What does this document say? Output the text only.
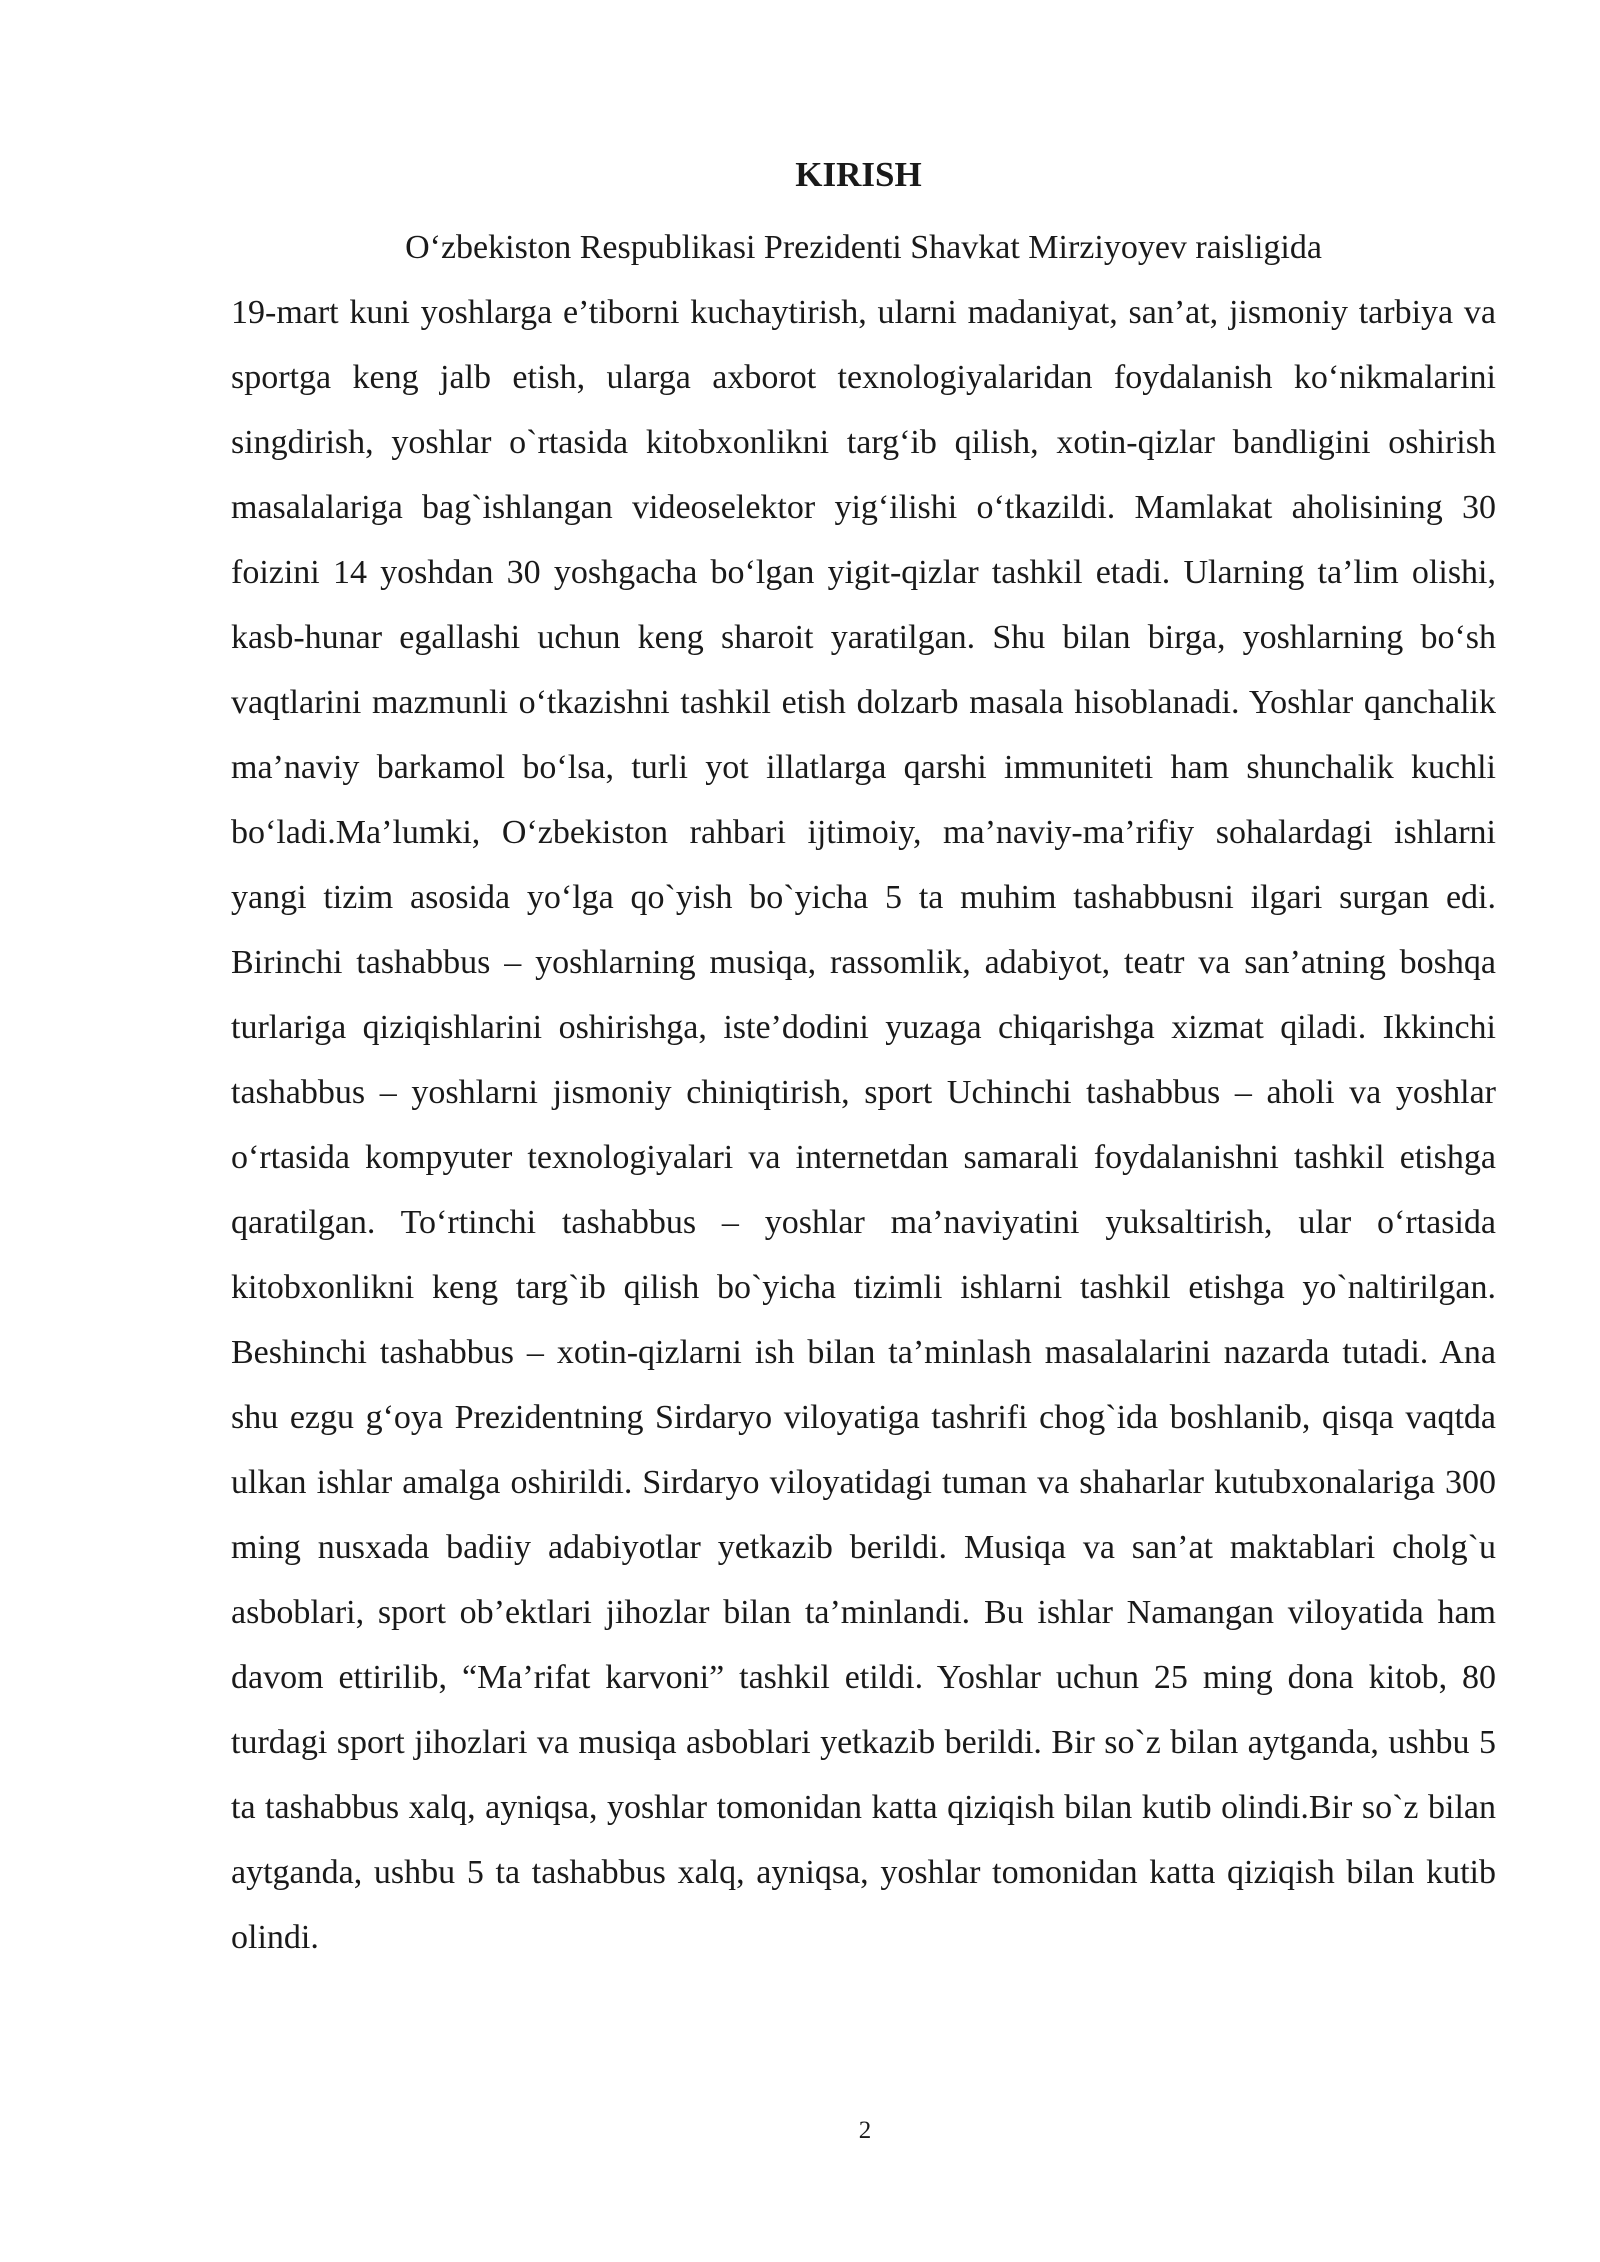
KIRISH
O‘zbekiston Respublikasi Prezidenti Shavkat Mirziyoyev raisligida
19-mart kuni yoshlarga e’tiborni kuchaytirish, ularni madaniyat, san’at, jismoniy tarbiya va sportga keng jalb etish, ularga axborot texnologiyalaridan foydalanish ko‘nikmalarini singdirish, yoshlar o`rtasida kitobxonlikni targ‘ib qilish, xotin-qizlar bandligini oshirish masalalariga bag`ishlangan videoselektor yig‘ilishi o‘tkazildi. Mamlakat aholisining 30 foizini 14 yoshdan 30 yoshgacha bo‘lgan yigit-qizlar tashkil etadi. Ularning ta’lim olishi, kasb-hunar egallashi uchun keng sharoit yaratilgan. Shu bilan birga, yoshlarning bo‘sh vaqtlarini mazmunli o‘tkazishni tashkil etish dolzarb masala hisoblanadi. Yoshlar qanchalik ma’naviy barkamol bo‘lsa, turli yot illatlarga qarshi immuniteti ham shunchalik kuchli bo‘ladi.Ma’lumki, O‘zbekiston rahbari ijtimoiy, ma’naviy-ma’rifiy sohalardagi ishlarni yangi tizim asosida yo‘lga qo`yish bo`yicha 5 ta muhim tashabbusni ilgari surgan edi. Birinchi tashabbus – yoshlarning musiqa, rassomlik, adabiyot, teatr va san’atning boshqa turlariga qiziqishlarini oshirishga, iste’dodini yuzaga chiqarishga xizmat qiladi. Ikkinchi tashabbus – yoshlarni jismoniy chiniqtirish, sport Uchinchi tashabbus – aholi va yoshlar o‘rtasida kompyuter texnologiyalari va internetdan samarali foydalanishni tashkil etishga qaratilgan. To‘rtinchi tashabbus – yoshlar ma’naviyatini yuksaltirish, ular o‘rtasida kitobxonlikni keng targ`ib qilish bo`yicha tizimli ishlarni tashkil etishga yo`naltirilgan. Beshinchi tashabbus – xotin-qizlarni ish bilan ta’minlash masalalarini nazarda tutadi. Ana shu ezgu g‘oya Prezidentning Sirdaryo viloyatiga tashrifi chog`ida boshlanib, qisqa vaqtda ulkan ishlar amalga oshirildi. Sirdaryo viloyatidagi tuman va shaharlar kutubxonalariga 300 ming nusxada badiiy adabiyotlar yetkazib berildi. Musiqa va san’at maktablari cholg`u asboblari, sport ob’ektlari jihozlar bilan ta’minlandi. Bu ishlar Namangan viloyatida ham davom ettirilib, “Ma’rifat karvoni” tashkil etildi. Yoshlar uchun 25 ming dona kitob, 80 turdagi sport jihozlari va musiqa asboblari yetkazib berildi. Bir so`z bilan aytganda, ushbu 5 ta tashabbus xalq, ayniqsa, yoshlar tomonidan katta qiziqish bilan kutib olindi.Bir so`z bilan aytganda, ushbu 5 ta tashabbus xalq, ayniqsa, yoshlar tomonidan katta qiziqish bilan kutib olindi.
2
